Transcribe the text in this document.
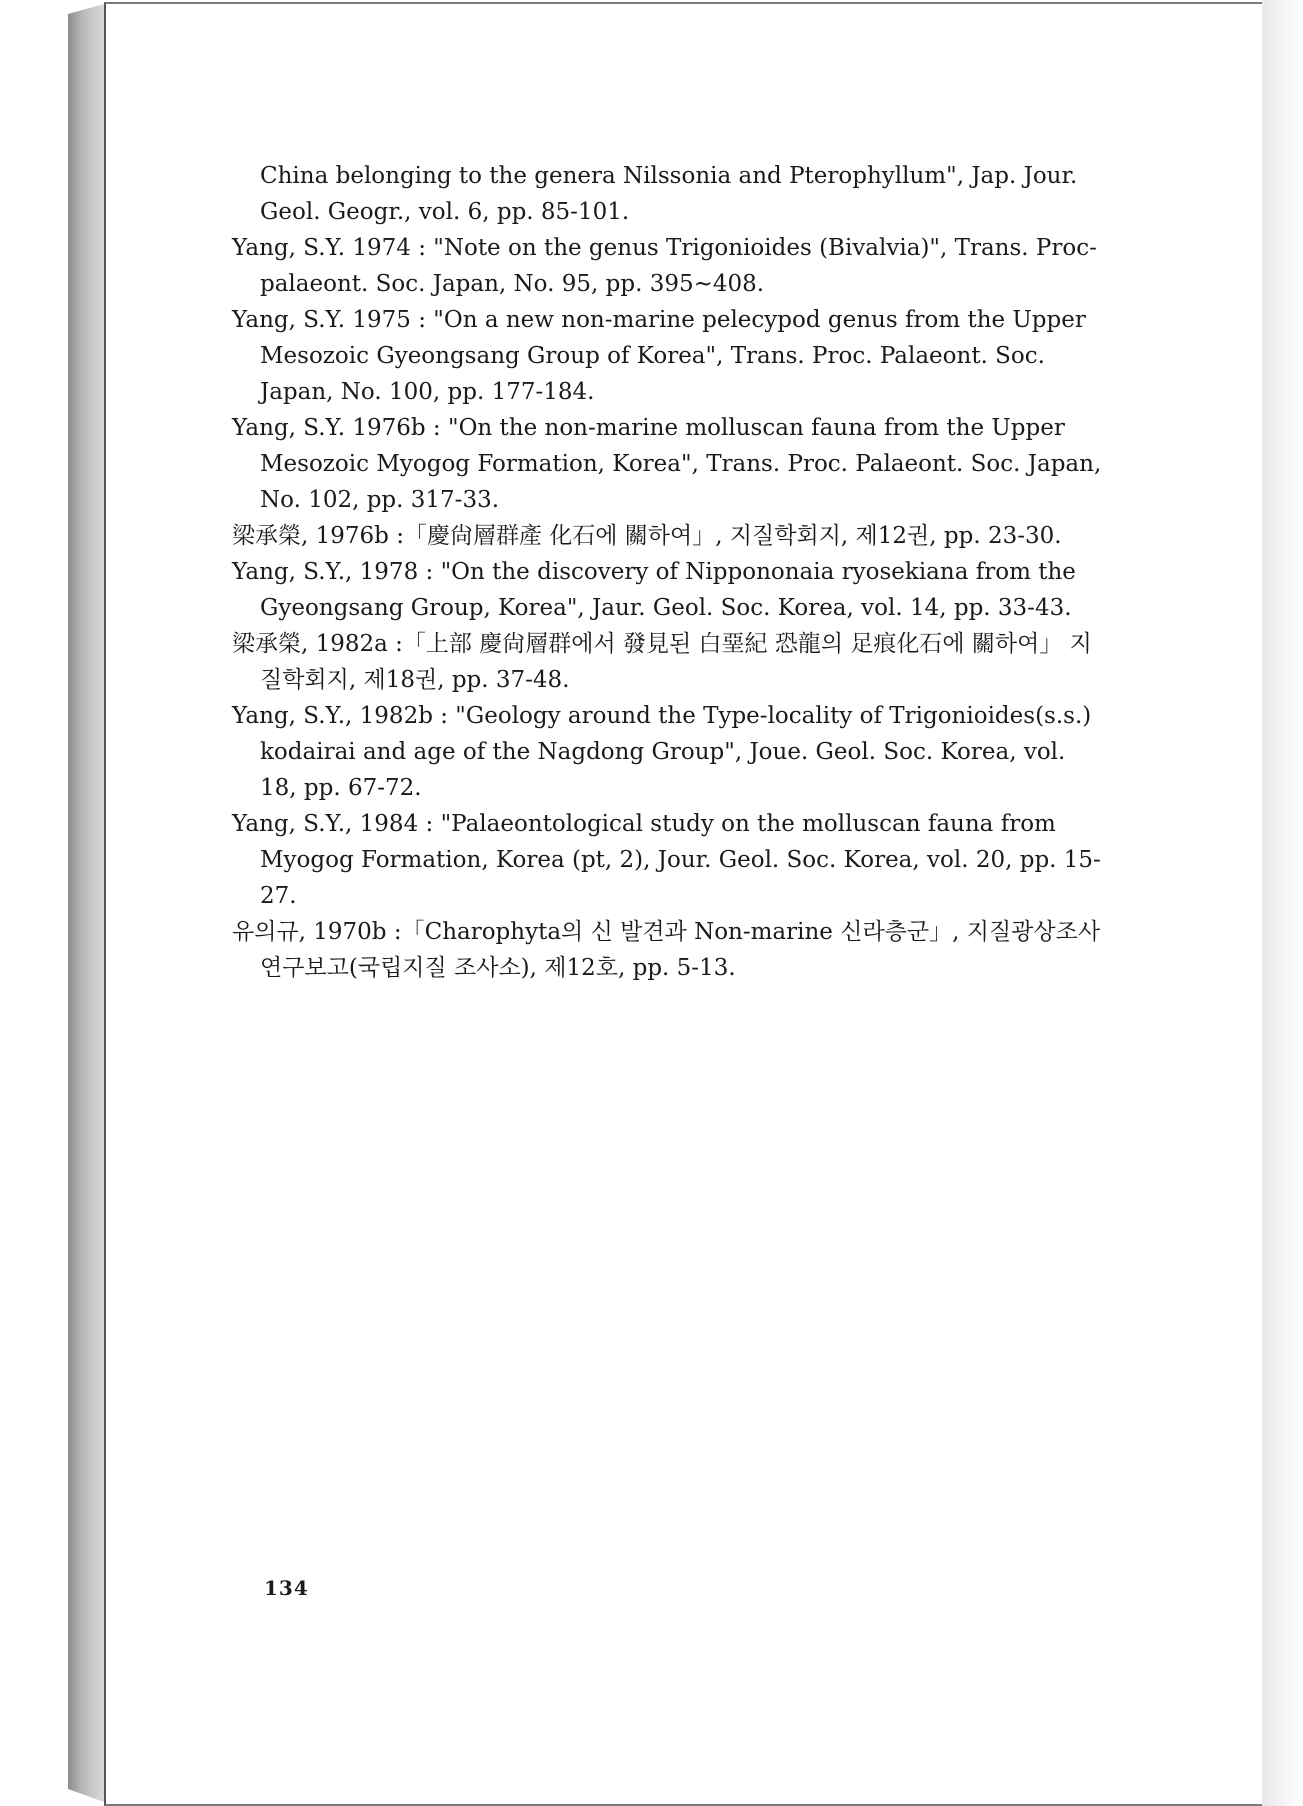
China belonging to the genera Nilssonia and Pterophyllum", Jap. Jour. Geol. Geogr., vol. 6, pp. 85-101.

Yang, S.Y. 1974 : "Note on the genus Trigonioides (Bivalvia)", Trans. Proc-palaeont. Soc. Japan, No. 95, pp. 395~408.

Yang, S.Y. 1975 : "On a new non-marine pelecypod genus from the Upper Mesozoic Gyeongsang Group of Korea", Trans. Proc. Palaeont. Soc. Japan, No. 100, pp. 177-184.

Yang, S.Y. 1976b : "On the non-marine molluscan fauna from the Upper Mesozoic Myogog Formation, Korea", Trans. Proc. Palaeont. Soc. Japan, No. 102, pp. 317-33.

梁承榮, 1976b :「慶尙層群產 化石에 關하여」, 지질학회지, 제12권, pp. 23-30.

Yang, S.Y., 1978 : "On the discovery of Nippononaia ryosekiana from the Gyeongsang Group, Korea", Jaur. Geol. Soc. Korea, vol. 14, pp. 33-43.

梁承榮, 1982a :「上部 慶尙層群에서 發見된 白堊紀 恐龍의 足痕化石에 關하여」 지질학회지, 제18권, pp. 37-48.

Yang, S.Y., 1982b : "Geology around the Type-locality of Trigonioides(s.s.) kodairai and age of the Nagdong Group", Joue. Geol. Soc. Korea, vol. 18, pp. 67-72.

Yang, S.Y., 1984 : "Palaeontological study on the molluscan fauna from Myogog Formation, Korea (pt, 2), Jour. Geol. Soc. Korea, vol. 20, pp. 15-27.

유의규, 1970b :「Charophyta의 신 발견과 Non-marine 신라층군」, 지질광상조사연구보고(국립지질 조사소), 제12호, pp. 5-13.

134
